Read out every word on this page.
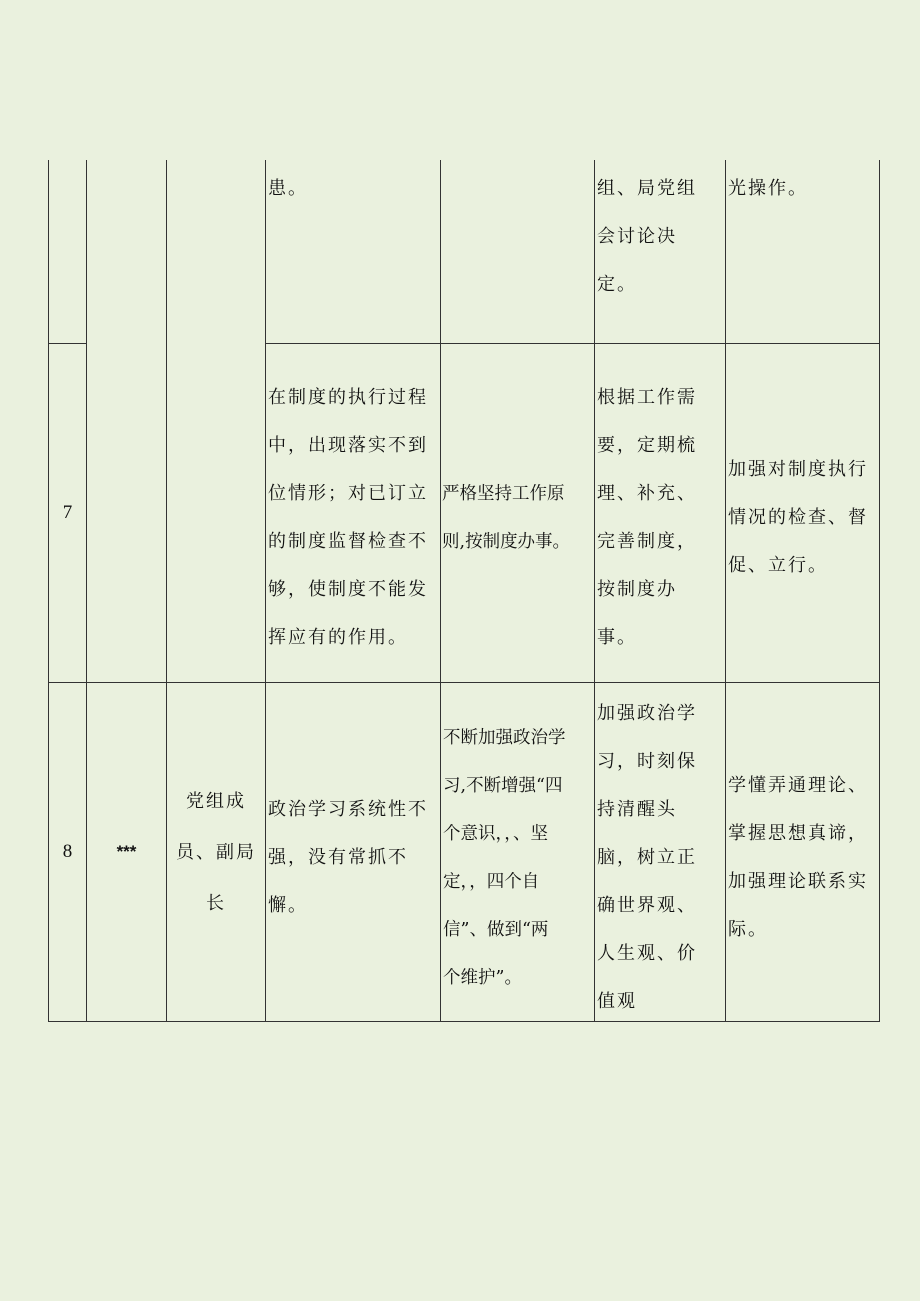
患。	组、局党组
会讨论决
定。
光操作。
7
在制度的执行过程
中，出现落实不到
位情形；对已订立
的制度监督检查不
够，使制度不能发
挥应有的作用。
严格坚持工作原
则,按制度办事。
根据工作需
要，定期梳
理、补充、
完善制度，
按制度办
事。
加强对制度执行
情况的检查、督
促、立行。
8	***
党组成
员、副局
长
政治学习系统性不
强，没有常抓不
懈。
不断加强政治学
习,不断增强“四
个意识，，、坚
定，，四个自
信”、做到“两
个维护”。
加强政治学
习，时刻保
持清醒头
脑，树立正
确世界观、
人生观、价
值观
学懂弄通理论、
掌握思想真谛，
加强理论联系实
际。
